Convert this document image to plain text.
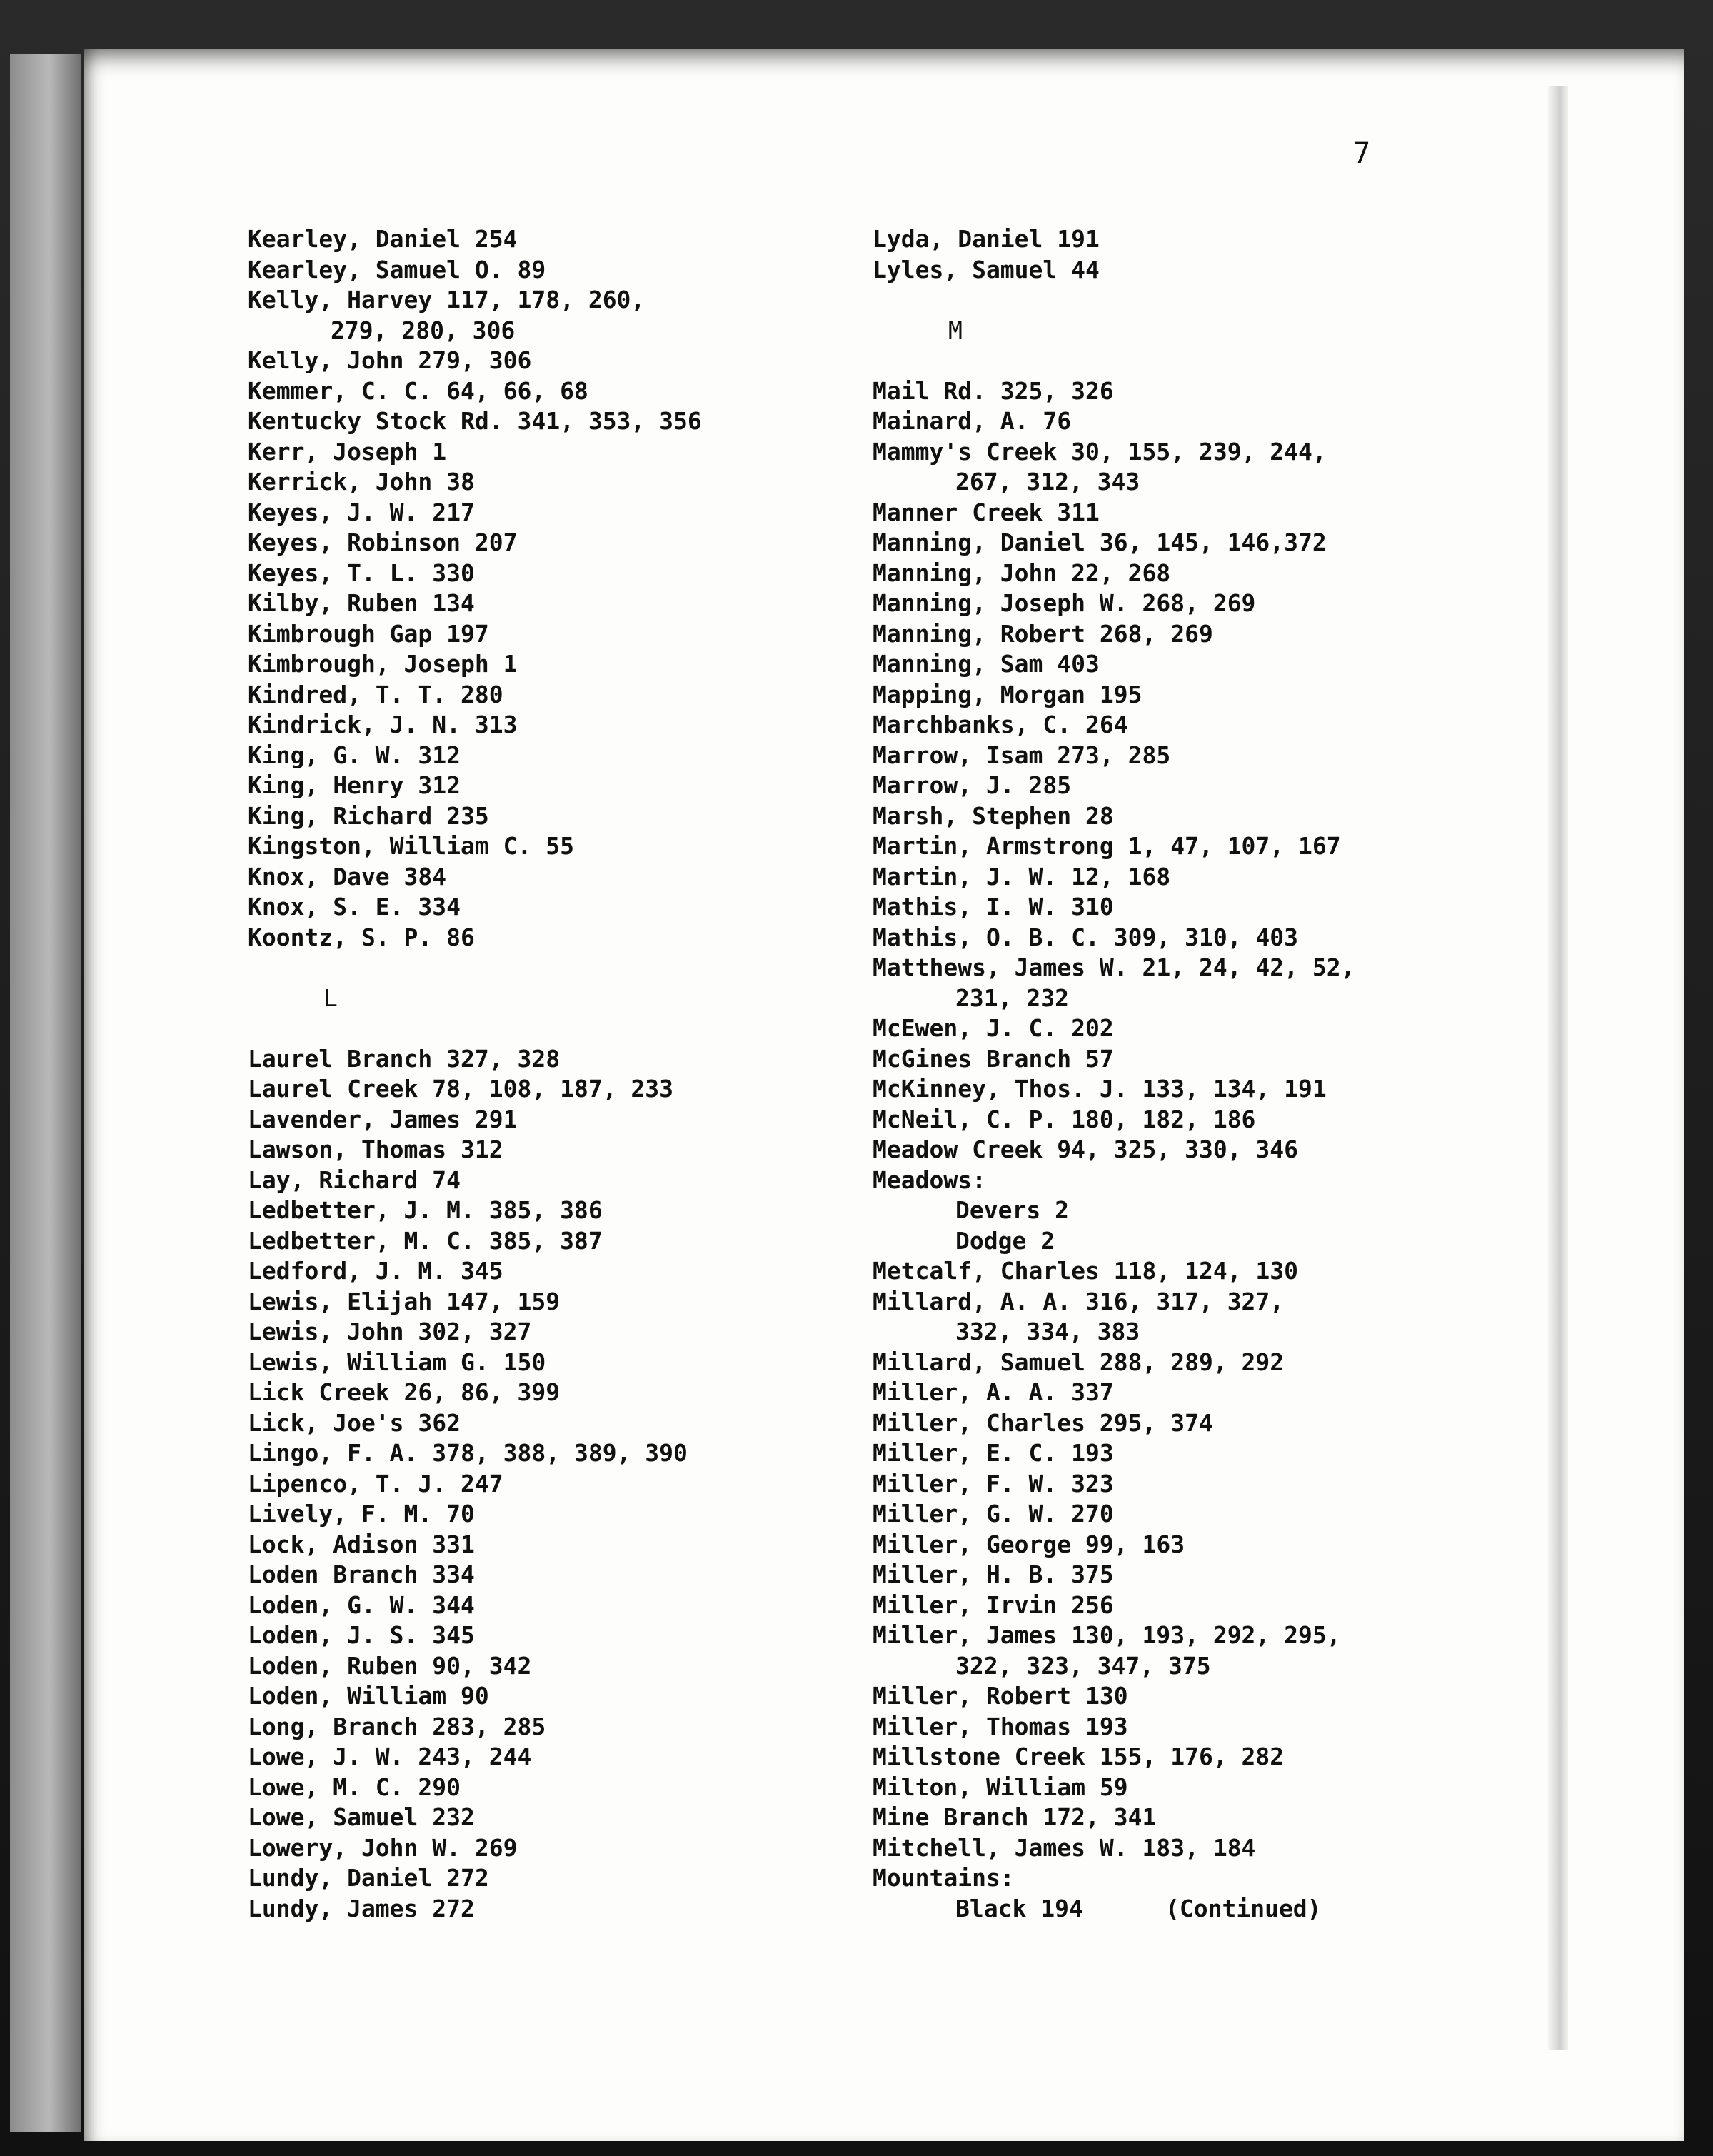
7
Kearley, Daniel 254
Kearley, Samuel O. 89
Kelly, Harvey 117, 178, 260,
279, 280, 306
Kelly, John 279, 306
Kemmer, C. C. 64, 66, 68
Kentucky Stock Rd. 341, 353, 356
Kerr, Joseph 1
Kerrick, John 38
Keyes, J. W. 217
Keyes, Robinson 207
Keyes, T. L. 330
Kilby, Ruben 134
Kimbrough Gap 197
Kimbrough, Joseph 1
Kindred, T. T. 280
Kindrick, J. N. 313
King, G. W. 312
King, Henry 312
King, Richard 235
Kingston, William C. 55
Knox, Dave 384
Knox, S. E. 334
Koontz, S. P. 86
L
Laurel Branch 327, 328
Laurel Creek 78, 108, 187, 233
Lavender, James 291
Lawson, Thomas 312
Lay, Richard 74
Ledbetter, J. M. 385, 386
Ledbetter, M. C. 385, 387
Ledford, J. M. 345
Lewis, Elijah 147, 159
Lewis, John 302, 327
Lewis, William G. 150
Lick Creek 26, 86, 399
Lick, Joe's 362
Lingo, F. A. 378, 388, 389, 390
Lipenco, T. J. 247
Lively, F. M. 70
Lock, Adison 331
Loden Branch 334
Loden, G. W. 344
Loden, J. S. 345
Loden, Ruben 90, 342
Loden, William 90
Long, Branch 283, 285
Lowe, J. W. 243, 244
Lowe, M. C. 290
Lowe, Samuel 232
Lowery, John W. 269
Lundy, Daniel 272
Lundy, James 272
Lyda, Daniel 191
Lyles, Samuel 44
M
Mail Rd. 325, 326
Mainard, A. 76
Mammy's Creek 30, 155, 239, 244,
267, 312, 343
Manner Creek 311
Manning, Daniel 36, 145, 146,372
Manning, John 22, 268
Manning, Joseph W. 268, 269
Manning, Robert 268, 269
Manning, Sam 403
Mapping, Morgan 195
Marchbanks, C. 264
Marrow, Isam 273, 285
Marrow, J. 285
Marsh, Stephen 28
Martin, Armstrong 1, 47, 107, 167
Martin, J. W. 12, 168
Mathis, I. W. 310
Mathis, O. B. C. 309, 310, 403
Matthews, James W. 21, 24, 42, 52,
231, 232
McEwen, J. C. 202
McGines Branch 57
McKinney, Thos. J. 133, 134, 191
McNeil, C. P. 180, 182, 186
Meadow Creek 94, 325, 330, 346
Meadows:
Devers 2
Dodge 2
Metcalf, Charles 118, 124, 130
Millard, A. A. 316, 317, 327,
332, 334, 383
Millard, Samuel 288, 289, 292
Miller, A. A. 337
Miller, Charles 295, 374
Miller, E. C. 193
Miller, F. W. 323
Miller, G. W. 270
Miller, George 99, 163
Miller, H. B. 375
Miller, Irvin 256
Miller, James 130, 193, 292, 295,
322, 323, 347, 375
Miller, Robert 130
Miller, Thomas 193
Millstone Creek 155, 176, 282
Milton, William 59
Mine Branch 172, 341
Mitchell, James W. 183, 184
Mountains:
Black 194	(Continued)
